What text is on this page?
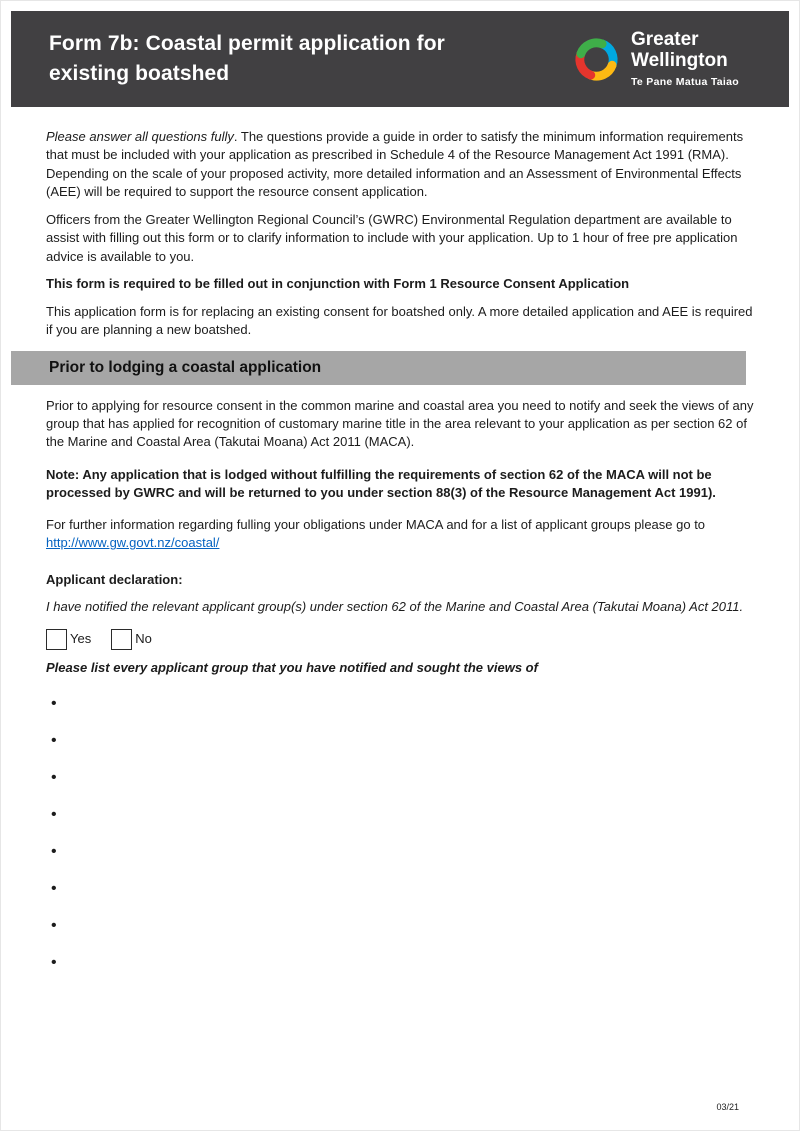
Form 7b: Coastal permit application for
existing boatshed
Greater
Wellington
Te Pane Matua Taiao

Please answer all questions fully. The questions provide a guide in order to satisfy the minimum information requirements that must be included with your application as prescribed in Schedule 4 of the Resource Management Act 1991 (RMA). Depending on the scale of your proposed activity, more detailed information and an Assessment of Environmental Effects (AEE) will be required to support the resource consent application.

Officers from the Greater Wellington Regional Council’s (GWRC) Environmental Regulation department are available to assist with filling out this form or to clarify information to include with your application. Up to 1 hour of free pre application advice is available to you.

This form is required to be filled out in conjunction with Form 1 Resource Consent Application

This application form is for replacing an existing consent for boatshed only. A more detailed application and AEE is required if you are planning a new boatshed.

Prior to lodging a coastal application

Prior to applying for resource consent in the common marine and coastal area you need to notify and seek the views of any group that has applied for recognition of customary marine title in the area relevant to your application as per section 62 of the Marine and Coastal Area (Takutai Moana) Act 2011 (MACA).

Note: Any application that is lodged without fulfilling the requirements of section 62 of the MACA will not be processed by GWRC and will be returned to you under section 88(3) of the Resource Management Act 1991).

For further information regarding fulling your obligations under MACA and for a list of applicant groups please go to
http://www.gw.govt.nz/coastal/

Applicant declaration:

I have notified the relevant applicant group(s) under section 62 of the Marine and Coastal Area (Takutai Moana) Act 2011.

Yes	No

Please list every applicant group that you have notified and sought the views of

•
•
•
•
•
•
•
•
03/21
